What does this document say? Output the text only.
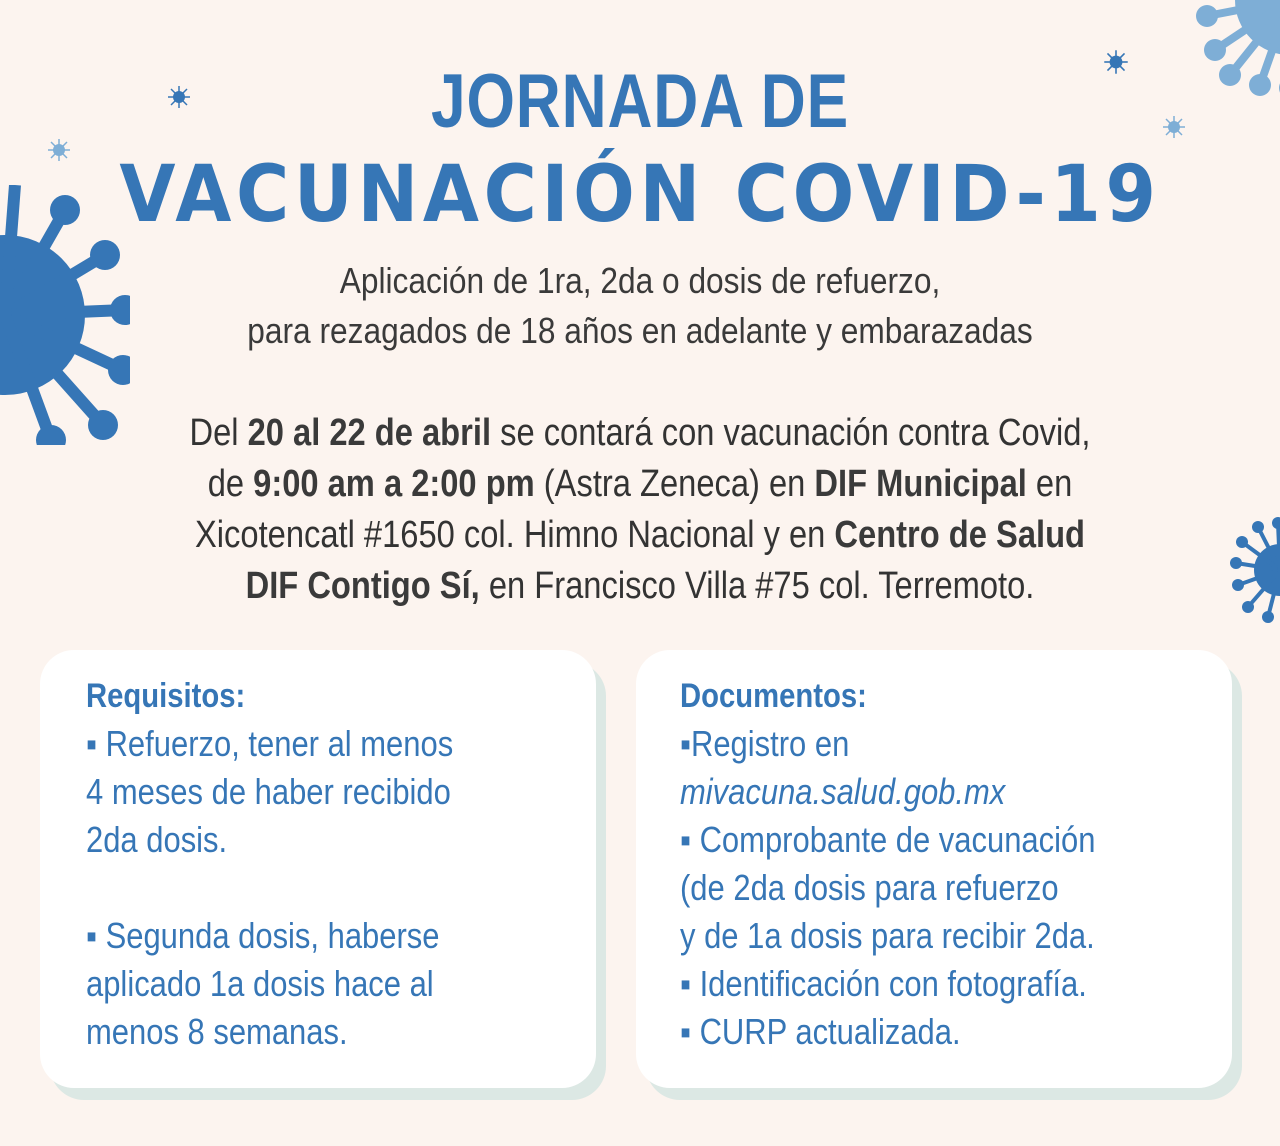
JORNADA DE
VACUNACIÓN COVID-19
Aplicación de 1ra, 2da o dosis de refuerzo,
para rezagados de 18 años en adelante y embarazadas
Del 20 al 22 de abril se contará con vacunación contra Covid,
de 9:00 am a 2:00 pm (Astra Zeneca) en DIF Municipal en
Xicotencatl #1650 col. Himno Nacional y en Centro de Salud
DIF Contigo Sí, en Francisco Villa #75 col. Terremoto.
Requisitos:
▪ Refuerzo, tener al menos
4 meses de haber recibido
2da dosis.
▪ Segunda dosis, haberse
aplicado 1a dosis hace al
menos 8 semanas.
Documentos:
▪Registro en
mivacuna.salud.gob.mx
▪ Comprobante de vacunación
(de 2da dosis para refuerzo
y de 1a dosis para recibir 2da.
▪ Identificación con fotografía.
▪ CURP actualizada.
